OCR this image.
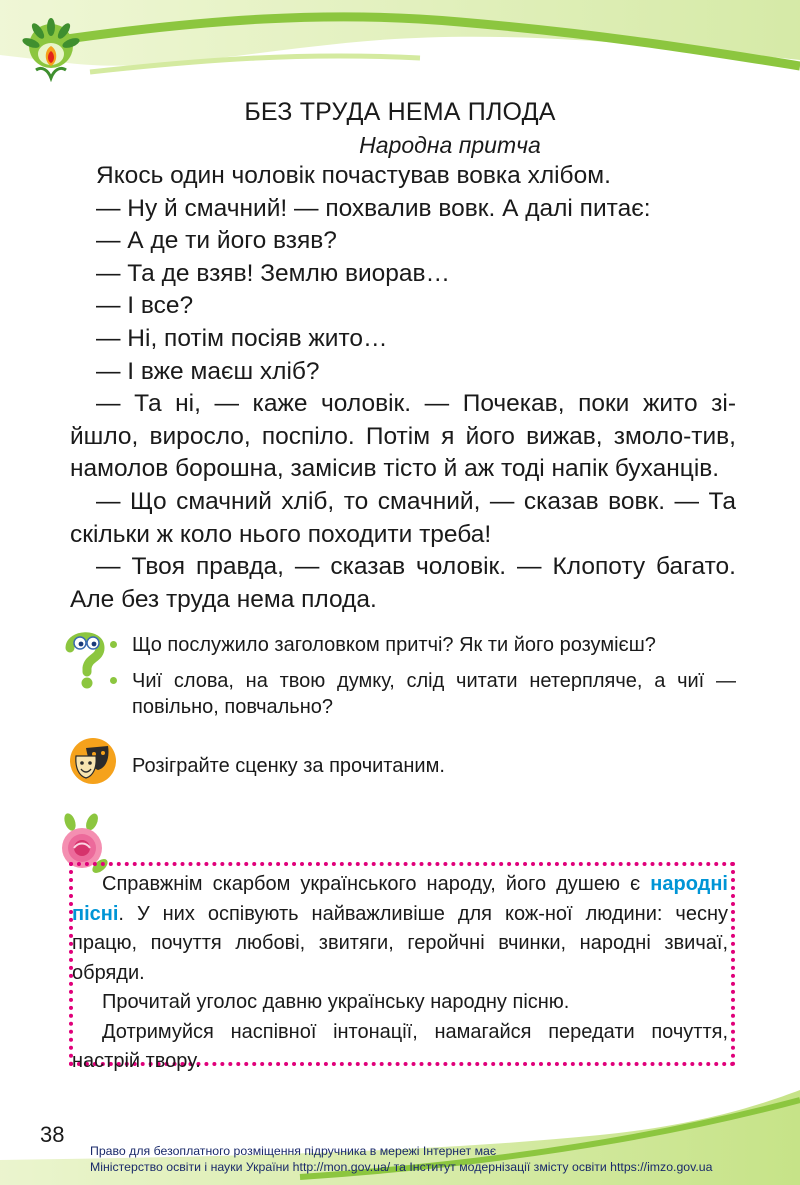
БЕЗ ТРУДА НЕМА ПЛОДА
Народна притча

Якось один чоловік почастував вовка хлібом.

— Ну й смачний! — похвалив вовк. А далі питає:

— А де ти його взяв?

— Та де взяв! Землю виорав…

— І все?

— Ні, потім посіяв жито…

— І вже маєш хліб?

— Та ні, — каже чоловік. — Почекав, поки жито зі-йшло, виросло, поспіло. Потім я його вижав, змоло-тив, намолов борошна, замісив тісто й аж тоді напік буханців.

— Що смачний хліб, то смачний, — сказав вовк. — Та скільки ж коло нього походити треба!

— Твоя правда, — сказав чоловік. — Клопоту багато. Але без труда нема плода.

Що послужило заголовком притчі? Як ти його розумієш?
Чиї слова, на твою думку, слід читати нетерпляче, а чиї — повільно, повчально?
Розіграйте сценку за прочитаним.

Справжнім скарбом українського народу, його душею є народні пісні. У них оспівують найважливіше для кож-ної людини: чесну працю, почуття любові, звитяги, геройчні вчинки, народні звичаї, обряди.

Прочитай уголос давню українську народну пісню.

Дотримуйся наспівної інтонації, намагайся передати почуття, настрій твору.

38
Право для безоплатного розміщення підручника в мережі Інтернет має
Міністерство освіти і науки України http://mon.gov.ua/ та Інститут модернізації змісту освіти https://imzo.gov.ua
